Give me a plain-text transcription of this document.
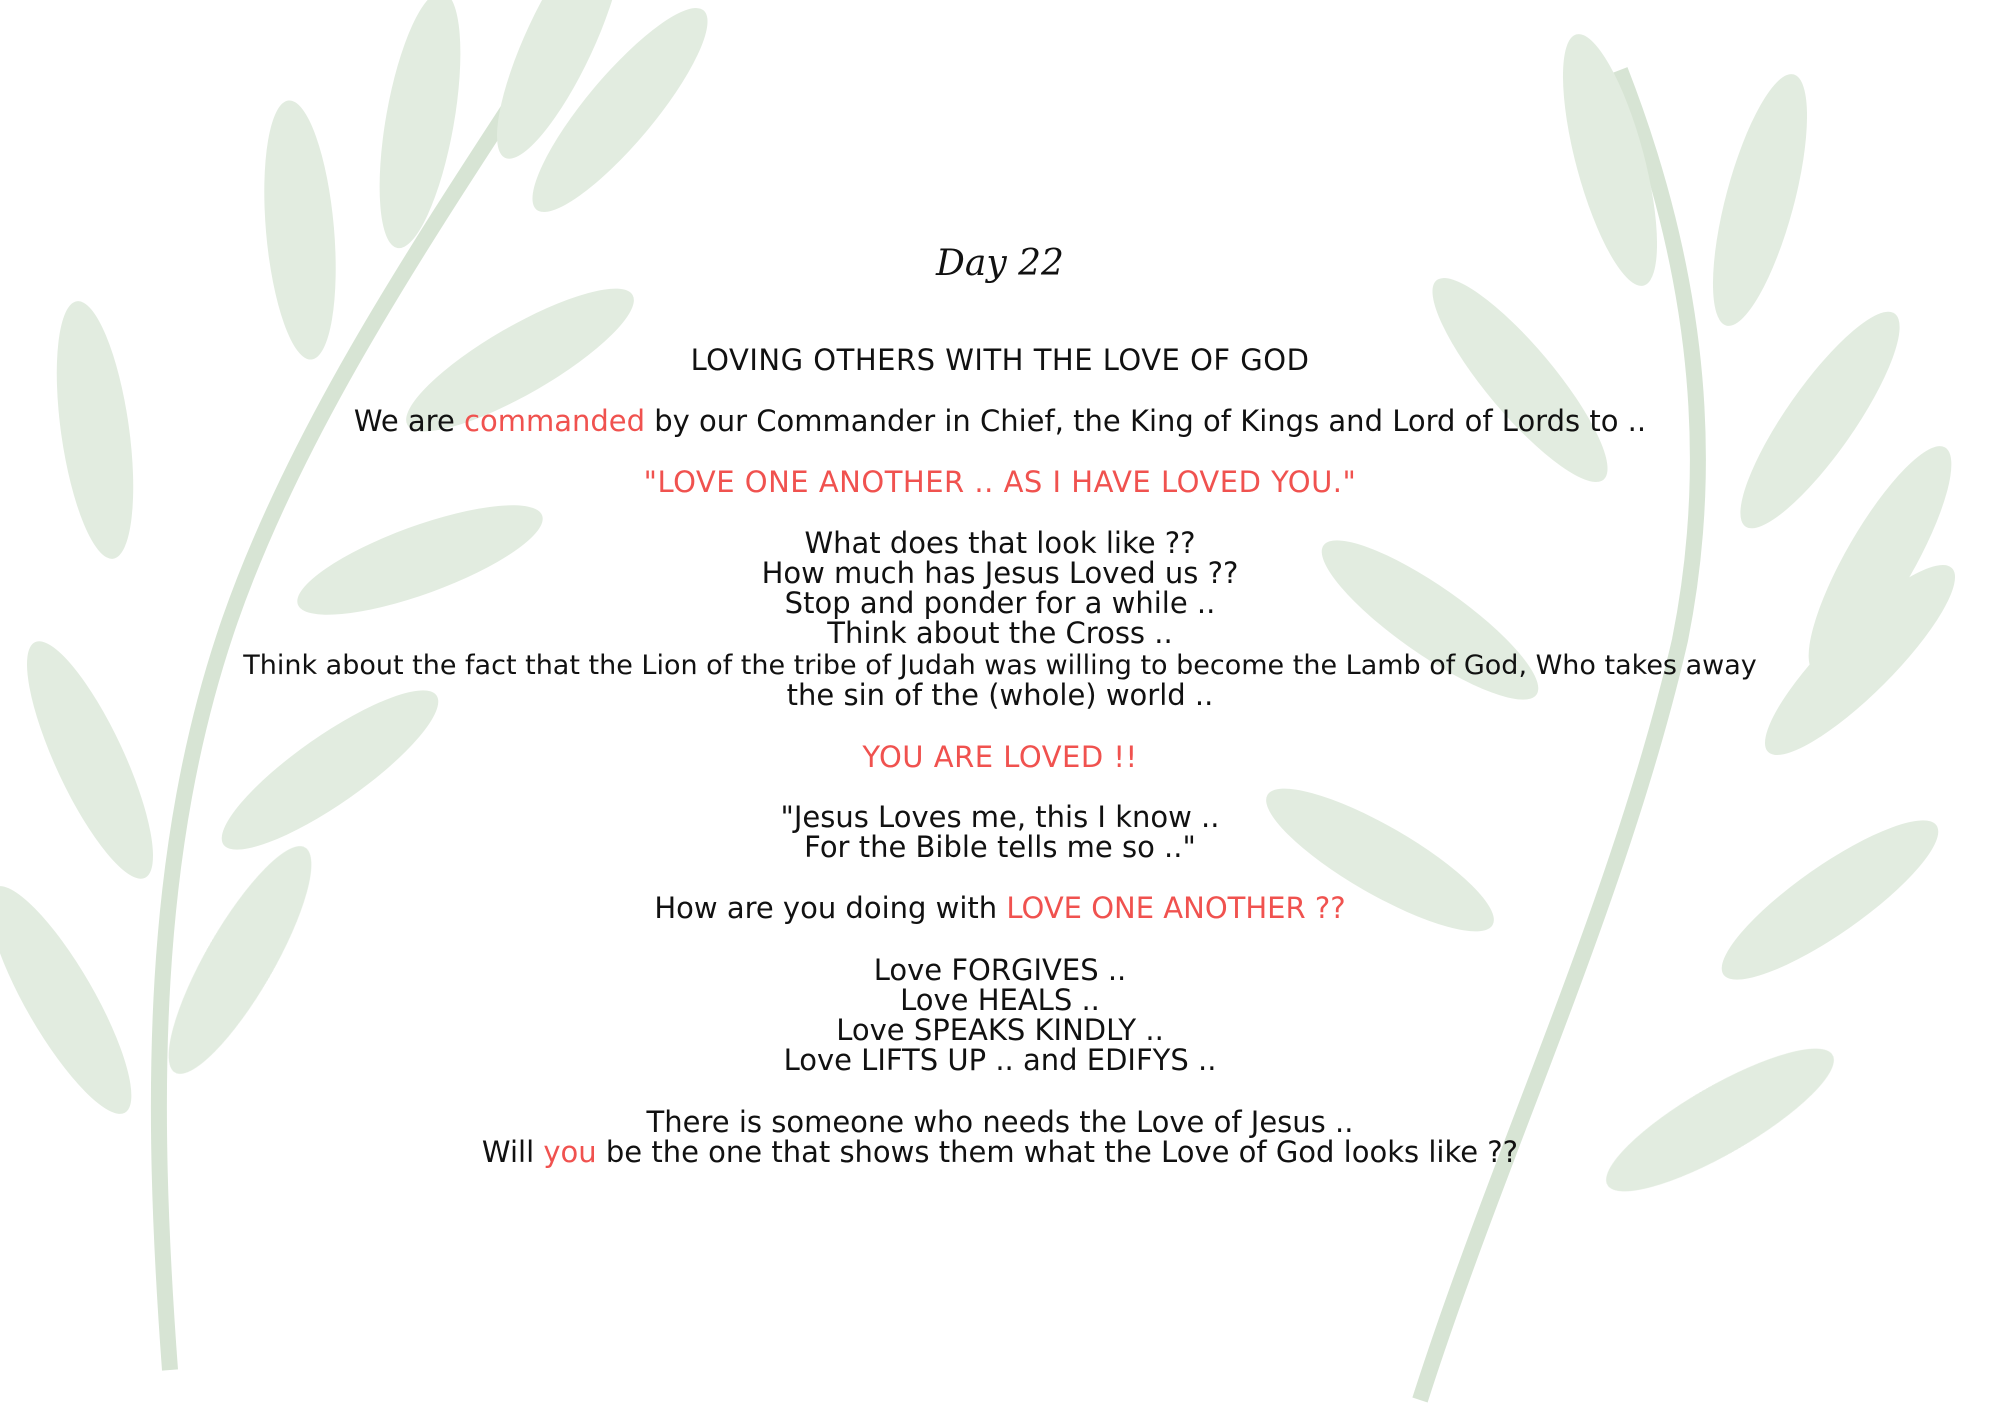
Day 22
LOVING OTHERS WITH THE LOVE OF GOD
We are commanded by our Commander in Chief, the King of Kings and Lord of Lords to ..
"LOVE ONE ANOTHER .. AS I HAVE LOVED YOU."
What does that look like ??
How much has Jesus Loved us ??
Stop and ponder for a while ..
Think about the Cross ..
Think about the fact that the Lion of the tribe of Judah was willing to become the Lamb of God, Who takes away
the sin of the (whole) world ..
YOU ARE LOVED !!
"Jesus Loves me, this I know ..
For the Bible tells me so .."
How are you doing with LOVE ONE ANOTHER ??
Love FORGIVES ..
Love HEALS ..
Love SPEAKS KINDLY ..
Love LIFTS UP .. and EDIFYS ..
There is someone who needs the Love of Jesus ..
Will you be the one that shows them what the Love of God looks like ??
